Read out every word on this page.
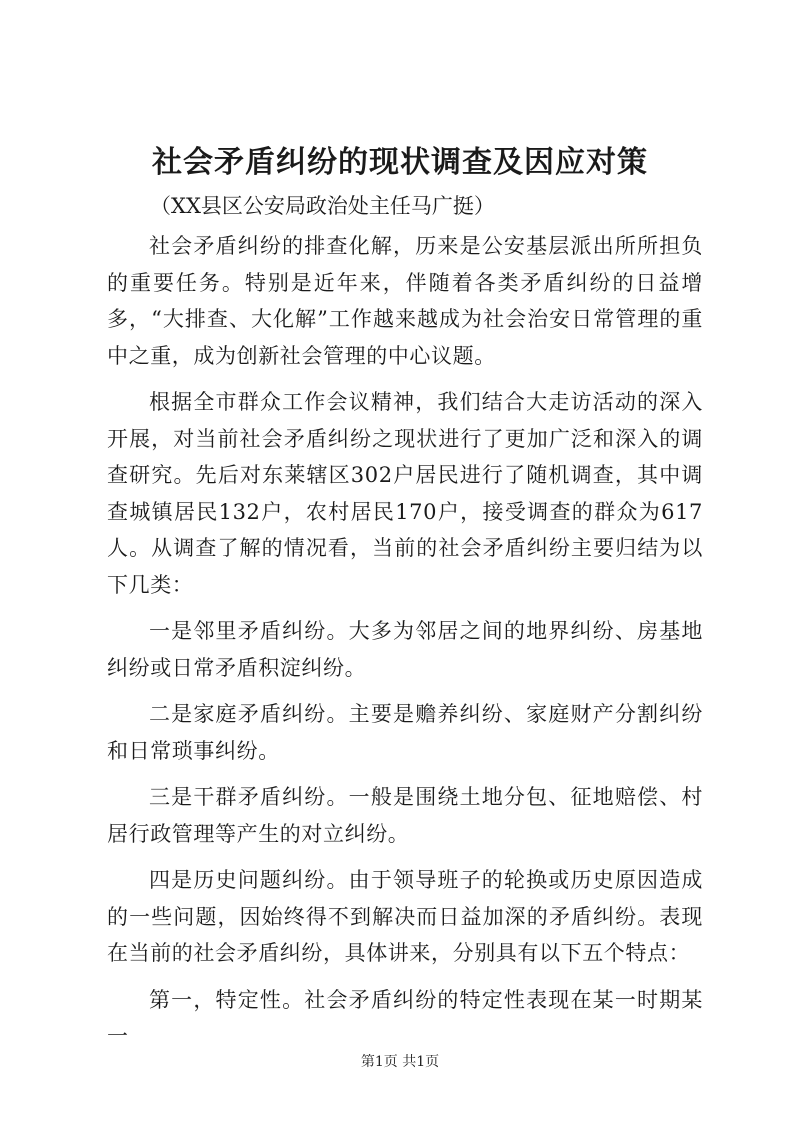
社会矛盾纠纷的现状调查及因应对策
（XX县区公安局政治处主任马广挺）

社会矛盾纠纷的排查化解，历来是公安基层派出所所担负的重要任务。特别是近年来，伴随着各类矛盾纠纷的日益增多，“大排查、大化解”工作越来越成为社会治安日常管理的重中之重，成为创新社会管理的中心议题。

根据全市群众工作会议精神，我们结合大走访活动的深入开展，对当前社会矛盾纠纷之现状进行了更加广泛和深入的调查研究。先后对东莱辖区302户居民进行了随机调查，其中调查城镇居民132户，农村居民170户，接受调查的群众为617人。从调查了解的情况看，当前的社会矛盾纠纷主要归结为以下几类：

一是邻里矛盾纠纷。大多为邻居之间的地界纠纷、房基地纠纷或日常矛盾积淀纠纷。

二是家庭矛盾纠纷。主要是赡养纠纷、家庭财产分割纠纷和日常琐事纠纷。

三是干群矛盾纠纷。一般是围绕土地分包、征地赔偿、村居行政管理等产生的对立纠纷。

四是历史问题纠纷。由于领导班子的轮换或历史原因造成的一些问题，因始终得不到解决而日益加深的矛盾纠纷。表现在当前的社会矛盾纠纷，具体讲来，分别具有以下五个特点：

第一，特定性。社会矛盾纠纷的特定性表现在某一时期某一

第1页 共1页
